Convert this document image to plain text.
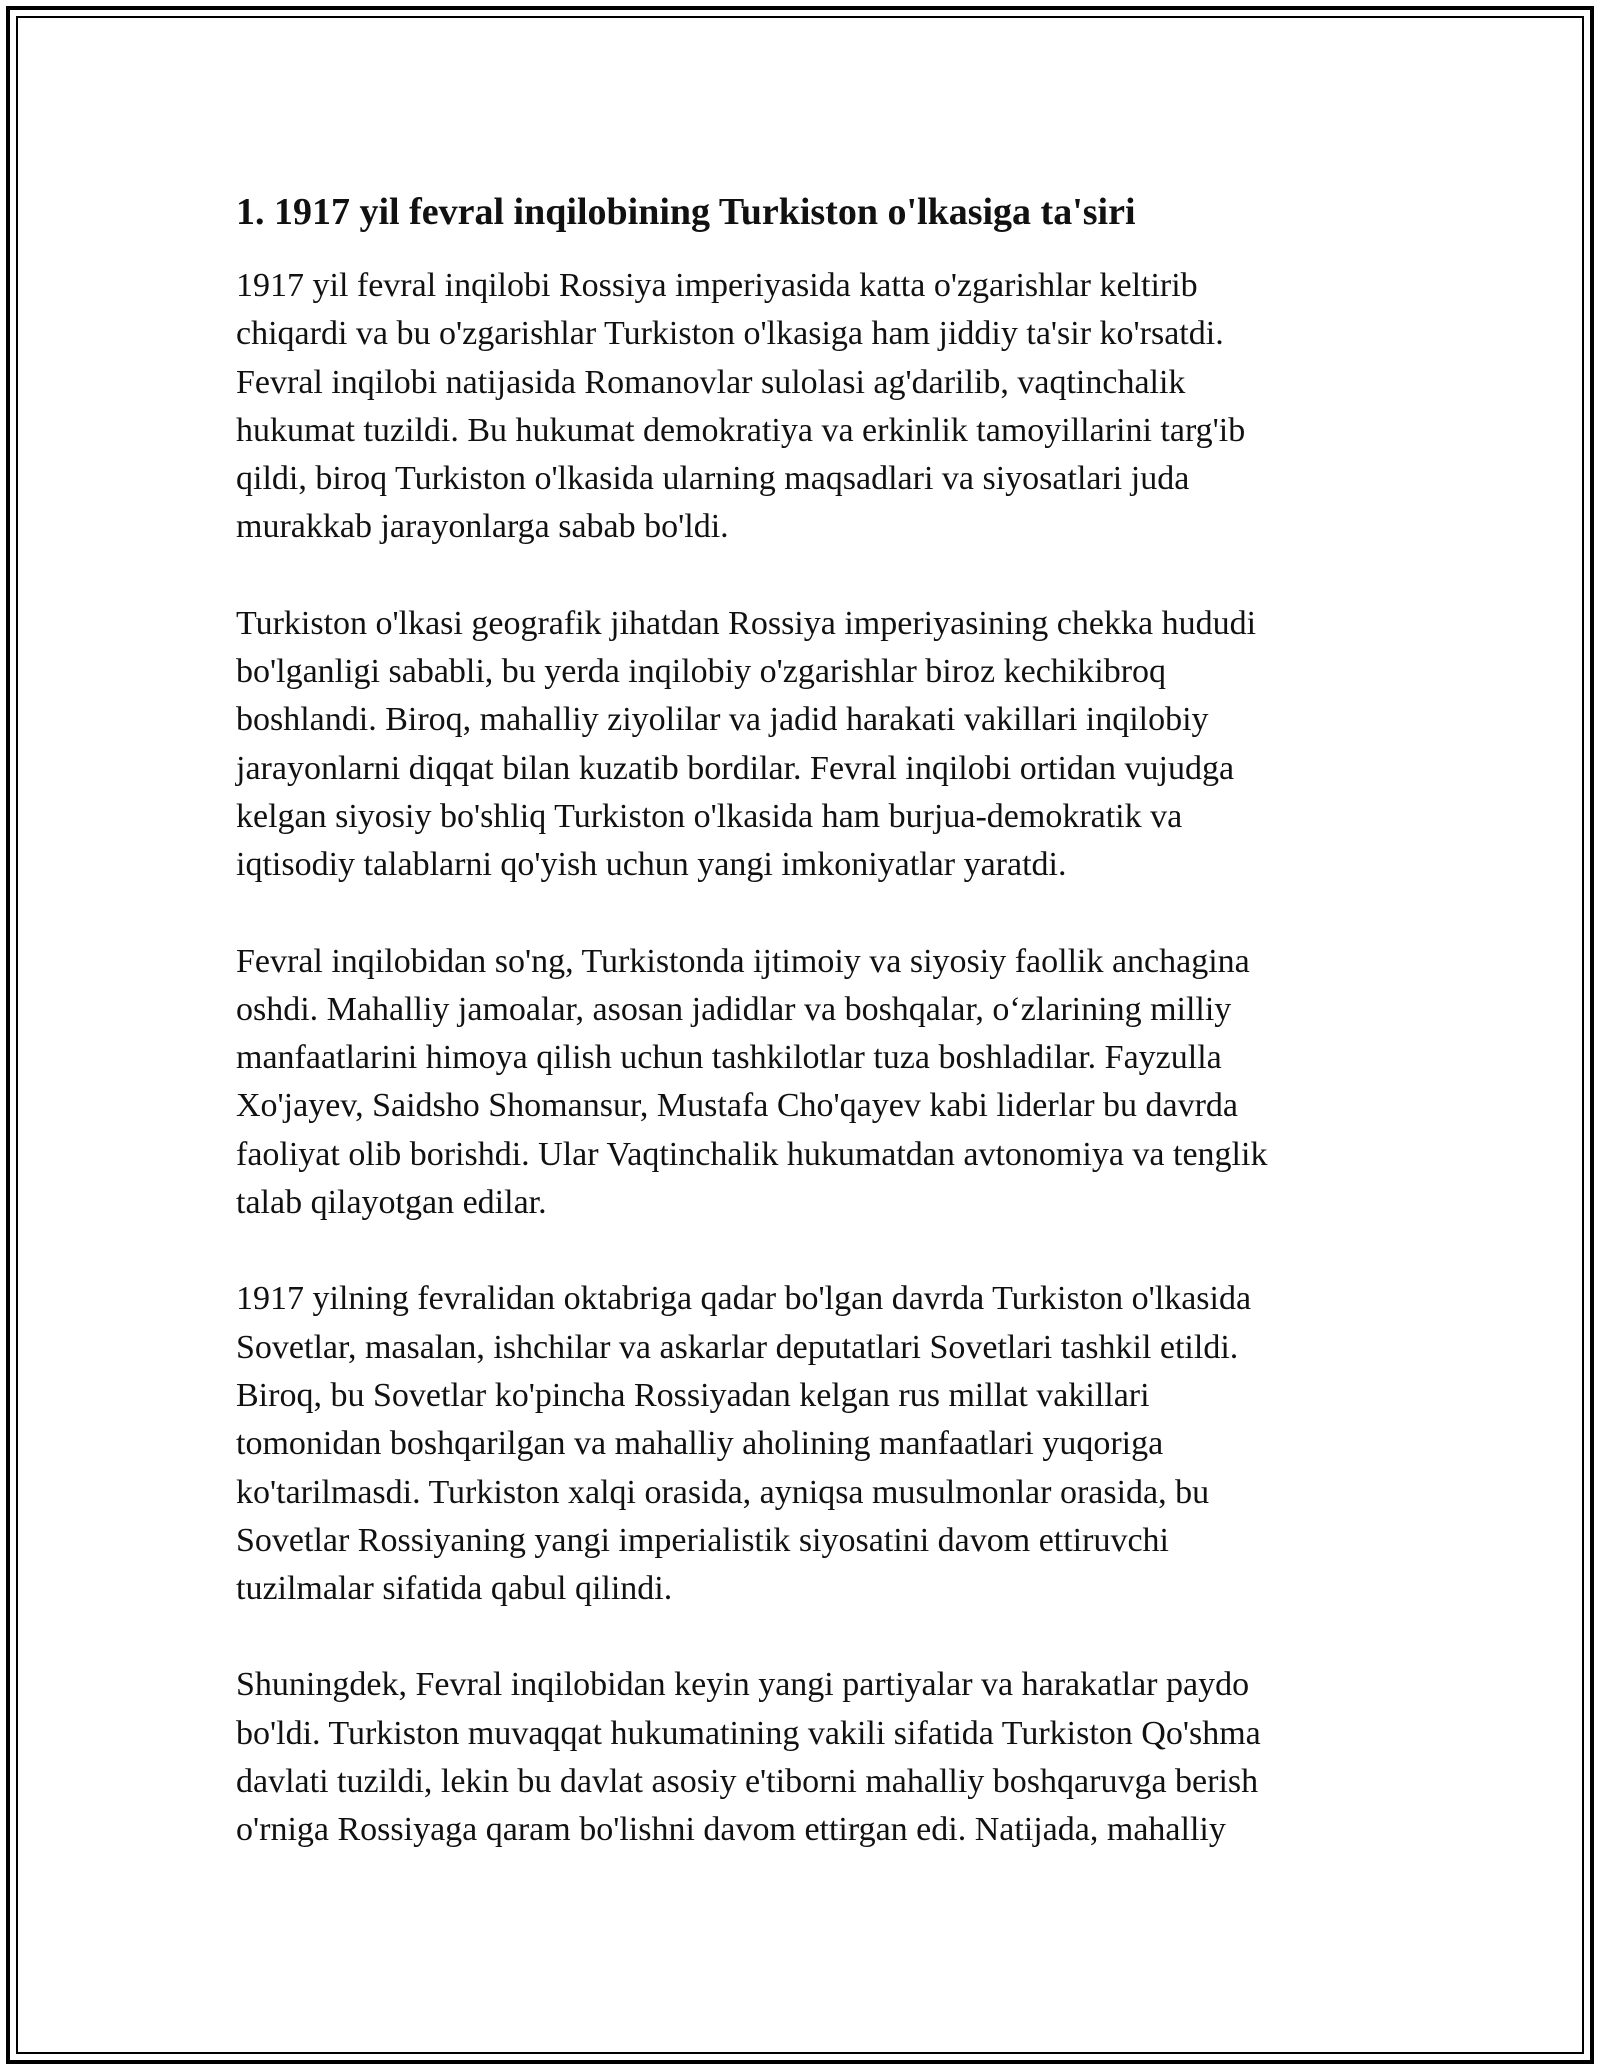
1. 1917 yil fevral inqilobining Turkiston o'lkasiga ta'siri
1917 yil fevral inqilobi Rossiya imperiyasida katta o'zgarishlar keltirib
chiqardi va bu o'zgarishlar Turkiston o'lkasiga ham jiddiy ta'sir ko'rsatdi.
Fevral inqilobi natijasida Romanovlar sulolasi ag'darilib, vaqtinchalik
hukumat tuzildi. Bu hukumat demokratiya va erkinlik tamoyillarini targ'ib
qildi, biroq Turkiston o'lkasida ularning maqsadlari va siyosatlari juda
murakkab jarayonlarga sabab bo'ldi.
Turkiston o'lkasi geografik jihatdan Rossiya imperiyasining chekka hududi
bo'lganligi sababli, bu yerda inqilobiy o'zgarishlar biroz kechikibroq
boshlandi. Biroq, mahalliy ziyolilar va jadid harakati vakillari inqilobiy
jarayonlarni diqqat bilan kuzatib bordilar. Fevral inqilobi ortidan vujudga
kelgan siyosiy bo'shliq Turkiston o'lkasida ham burjua-demokratik va
iqtisodiy talablarni qo'yish uchun yangi imkoniyatlar yaratdi.
Fevral inqilobidan so'ng, Turkistonda ijtimoiy va siyosiy faollik anchagina
oshdi. Mahalliy jamoalar, asosan jadidlar va boshqalar, o‘zlarining milliy
manfaatlarini himoya qilish uchun tashkilotlar tuza boshladilar. Fayzulla
Xo'jayev, Saidsho Shomansur, Mustafa Cho'qayev kabi liderlar bu davrda
faoliyat olib borishdi. Ular Vaqtinchalik hukumatdan avtonomiya va tenglik
talab qilayotgan edilar.
1917 yilning fevralidan oktabriga qadar bo'lgan davrda Turkiston o'lkasida
Sovetlar, masalan, ishchilar va askarlar deputatlari Sovetlari tashkil etildi.
Biroq, bu Sovetlar ko'pincha Rossiyadan kelgan rus millat vakillari
tomonidan boshqarilgan va mahalliy aholining manfaatlari yuqoriga
ko'tarilmasdi. Turkiston xalqi orasida, ayniqsa musulmonlar orasida, bu
Sovetlar Rossiyaning yangi imperialistik siyosatini davom ettiruvchi
tuzilmalar sifatida qabul qilindi.
Shuningdek, Fevral inqilobidan keyin yangi partiyalar va harakatlar paydo
bo'ldi. Turkiston muvaqqat hukumatining vakili sifatida Turkiston Qo'shma
davlati tuzildi, lekin bu davlat asosiy e'tiborni mahalliy boshqaruvga berish
o'rniga Rossiyaga qaram bo'lishni davom ettirgan edi. Natijada, mahalliy
